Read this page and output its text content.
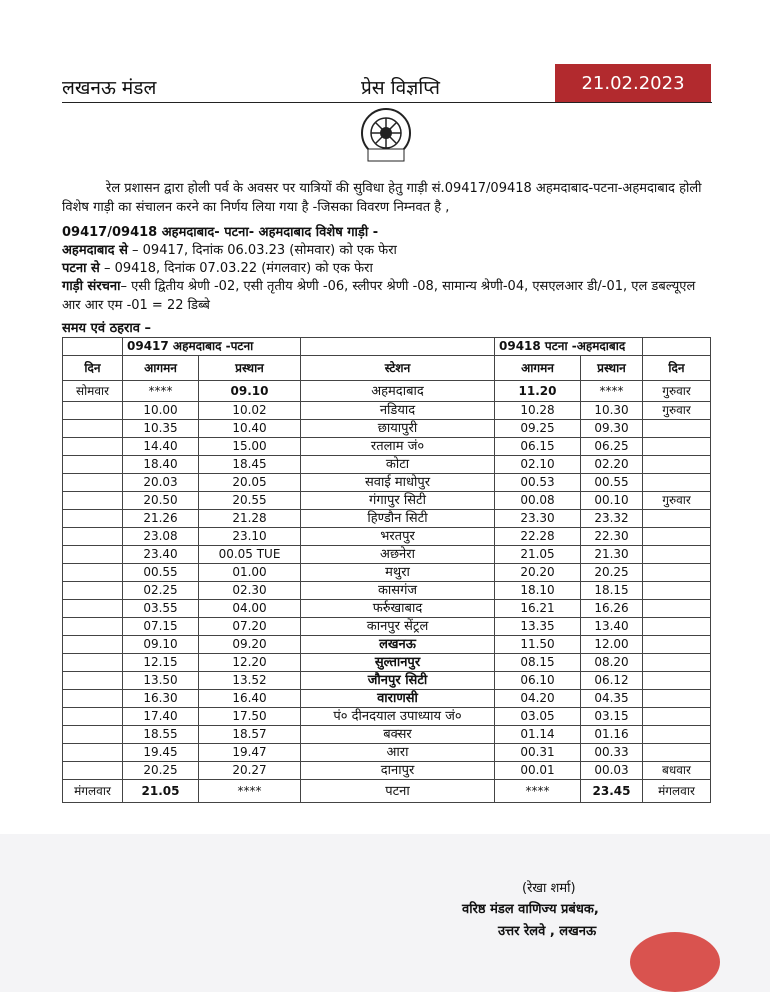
लखनऊ मंडल	प्रेस विज्ञप्ति	21.02.2023
रेल प्रशासन द्वारा होली पर्व के अवसर पर यात्रियों की सुविधा हेतु गाड़ी सं.09417/09418 अहमदाबाद-पटना-अहमदाबाद होली विशेष गाड़ी का संचालन करने का निर्णय लिया गया है -जिसका विवरण निम्नवत है ,
09417/09418 अहमदाबाद- पटना- अहमदाबाद विशेष गाड़ी -
अहमदाबाद से – 09417, दिनांक 06.03.23 (सोमवार) को एक फेरा
पटना से – 09418, दिनांक 07.03.22 (मंगलवार) को एक फेरा
गाड़ी संरचना– एसी द्वितीय श्रेणी -02, एसी तृतीय श्रेणी -06, स्लीपर श्रेणी -08, सामान्य श्रेणी-04, एसएलआर डी/-01, एल डबल्यूएल आर आर एम -01 = 22 डिब्बे
समय एवं ठहराव –
	09417 अहमदाबाद -पटना			09418 पटना -अहमदाबाद		
दिन	आगमन	प्रस्थान	स्टेशन	आगमन	प्रस्थान	दिन
सोमवार	****	09.10	अहमदाबाद	11.20	****	गुरुवार
	10.00	10.02	नडियाद	10.28	10.30	गुरुवार
	10.35	10.40	छायापुरी	09.25	09.30	
	14.40	15.00	रतलाम जं०	06.15	06.25	
	18.40	18.45	कोटा	02.10	02.20	
	20.03	20.05	सवाई माधोपुर	00.53	00.55	
	20.50	20.55	गंगापुर सिटी	00.08	00.10	गुरुवार
	21.26	21.28	हिण्डौन सिटी	23.30	23.32	
	23.08	23.10	भरतपुर	22.28	22.30	
	23.40	00.05 TUE	अछनेरा	21.05	21.30	
	00.55	01.00	मथुरा	20.20	20.25	
	02.25	02.30	कासगंज	18.10	18.15	
	03.55	04.00	फर्रुखाबाद	16.21	16.26	
	07.15	07.20	कानपुर सेंट्रल	13.35	13.40	
	09.10	09.20	लखनऊ	11.50	12.00	
	12.15	12.20	सुल्तानपुर	08.15	08.20	
	13.50	13.52	जौनपुर सिटी	06.10	06.12	
	16.30	16.40	वाराणसी	04.20	04.35	
	17.40	17.50	पं० दीनदयाल उपाध्याय जं०	03.05	03.15	
	18.55	18.57	बक्सर	01.14	01.16	
	19.45	19.47	आरा	00.31	00.33	
	20.25	20.27	दानापुर	00.01	00.03	बधवार
मंगलवार	21.05	****	पटना	****	23.45	मंगलवार
(रेखा शर्मा)
वरिष्ठ मंडल वाणिज्य प्रबंधक,
उत्तर रेलवे , लखनऊ
